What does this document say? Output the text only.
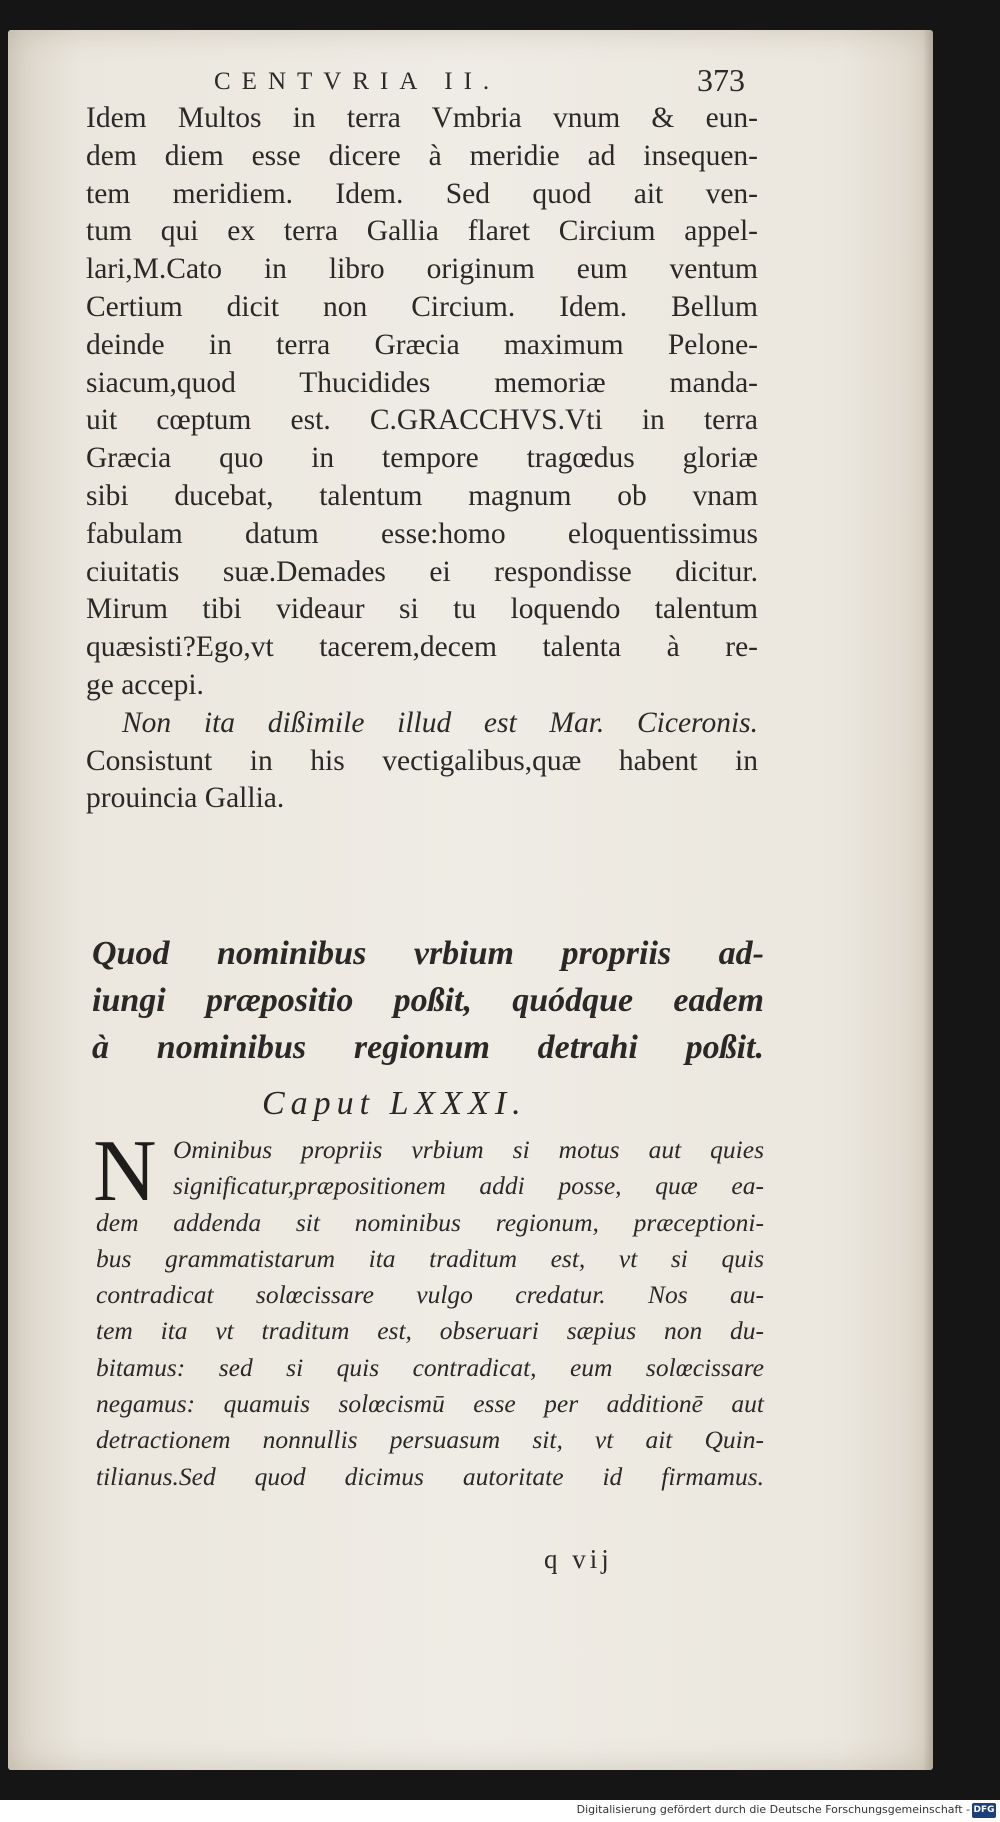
CENTVRIA II.	373
Idem Multos in terra Vmbria vnum & eun-
dem diem esse dicere à meridie ad insequen-
tem meridiem. Idem. Sed quod ait ven-
tum qui ex terra Gallia flaret Circium appel-
lari,M.Cato in libro originum eum ventum
Certium dicit non Circium. Idem. Bellum
deinde in terra Græcia maximum Pelone-
siacum,quod Thucidides memoriæ manda-
uit cœptum est. C.GRACCHVS.Vti in terra
Græcia quo in tempore tragœdus gloriæ
sibi ducebat, talentum magnum ob vnam
fabulam datum esse:homo eloquentissimus
ciuitatis suæ.Demades ei respondisse dicitur.
Mirum tibi videaur si tu loquendo talentum
quæsisti?Ego,vt tacerem,decem talenta à re-
ge accepi.
Non ita dißimile illud est Mar. Ciceronis.
Consistunt in his vectigalibus,quæ habent in
prouincia Gallia.
Quod nominibus vrbium propriis ad-
iungi præpositio poßit, quódque eadem
à nominibus regionum detrahi poßit.
Caput LXXXI.
N Ominibus propriis vrbium si motus aut quies
significatur,præpositionem addi posse, quæ ea-
dem addenda sit nominibus regionum, præceptioni-
bus grammatistarum ita traditum est, vt si quis
contradicat solœcissare vulgo credatur. Nos au-
tem ita vt traditum est, obseruari sæpius non du-
bitamus: sed si quis contradicat, eum solœcissare
negamus: quamuis solœcismū esse per additionē aut
detractionem nonnullis persuasum sit, vt ait Quin-
tilianus.Sed quod dicimus autoritate id firmamus.
q vij
Digitalisierung gefördert durch die Deutsche Forschungsgemeinschaft - DFG
